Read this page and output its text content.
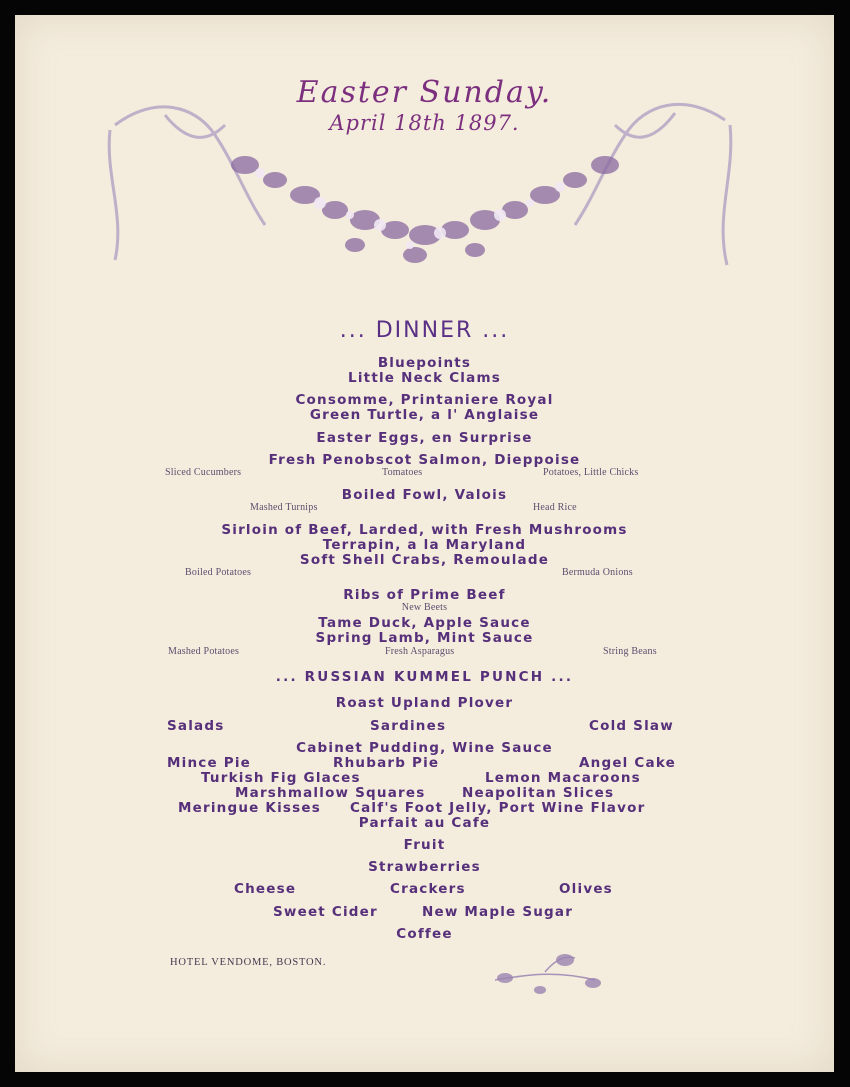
Easter Sunday.
April 18th 1897.
... DINNER ...
Bluepoints
Little Neck Clams
Consomme, Printaniere Royal
Green Turtle, a l' Anglaise
Easter Eggs, en Surprise
Fresh Penobscot Salmon, Dieppoise
Sliced Cucumbers	Tomatoes	Potatoes, Little Chicks
Boiled Fowl, Valois
Mashed Turnips	Head Rice
Sirloin of Beef, Larded, with Fresh Mushrooms
Terrapin, a la Maryland
Soft Shell Crabs, Remoulade
Boiled Potatoes	Bermuda Onions
Ribs of Prime Beef
New Beets
Tame Duck, Apple Sauce
Spring Lamb, Mint Sauce
Mashed Potatoes	Fresh Asparagus	String Beans
... RUSSIAN KUMMEL PUNCH ...
Roast Upland Plover
Salads	Sardines	Cold Slaw
Cabinet Pudding, Wine Sauce
Mince Pie	Rhubarb Pie	Angel Cake
Turkish Fig Glaces	Lemon Macaroons
Marshmallow Squares	Neapolitan Slices
Meringue Kisses Calf's Foot Jelly, Port Wine Flavor
Parfait au Cafe
Fruit
Strawberries
Cheese	Crackers	Olives
Sweet Cider	New Maple Sugar
Coffee
HOTEL VENDOME, BOSTON.
